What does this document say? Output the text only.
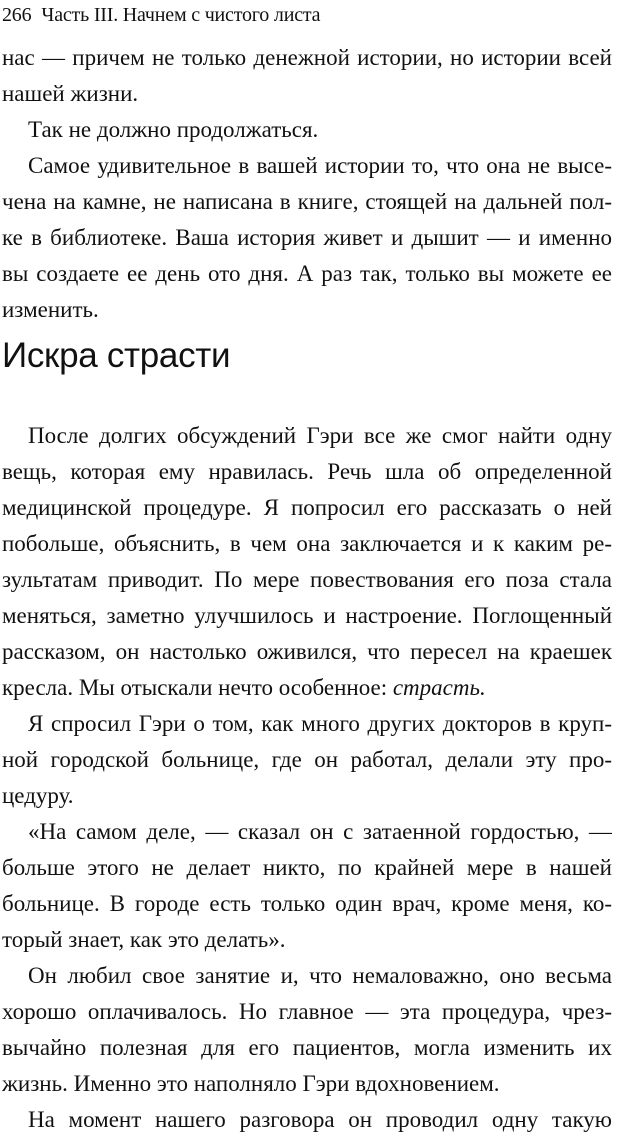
266 Часть III. Начнем с чистого листа
нас — причем не только денежной истории, но истории всей
нашей жизни.
Так не должно продолжаться.
Самое удивительное в вашей истории то, что она не высе-
чена на камне, не написана в книге, стоящей на дальней пол-
ке в библиотеке. Ваша история живет и дышит — и именно
вы создаете ее день ото дня. А раз так, только вы можете ее
изменить.
Искра страсти
После долгих обсуждений Гэри все же смог найти одну
вещь, которая ему нравилась. Речь шла об определенной
медицинской процедуре. Я попросил его рассказать о ней
побольше, объяснить, в чем она заключается и к каким ре-
зультатам приводит. По мере повествования его поза стала
меняться, заметно улучшилось и настроение. Поглощенный
рассказом, он настолько оживился, что пересел на краешек
кресла. Мы отыскали нечто особенное: страсть.
Я спросил Гэри о том, как много других докторов в круп-
ной городской больнице, где он работал, делали эту про-
цедуру.
«На самом деле, — сказал он с затаенной гордостью, —
больше этого не делает никто, по крайней мере в нашей
больнице. В городе есть только один врач, кроме меня, ко-
торый знает, как это делать».
Он любил свое занятие и, что немаловажно, оно весьма
хорошо оплачивалось. Но главное — эта процедура, чрез-
вычайно полезная для его пациентов, могла изменить их
жизнь. Именно это наполняло Гэри вдохновением.
На момент нашего разговора он проводил одну такую
